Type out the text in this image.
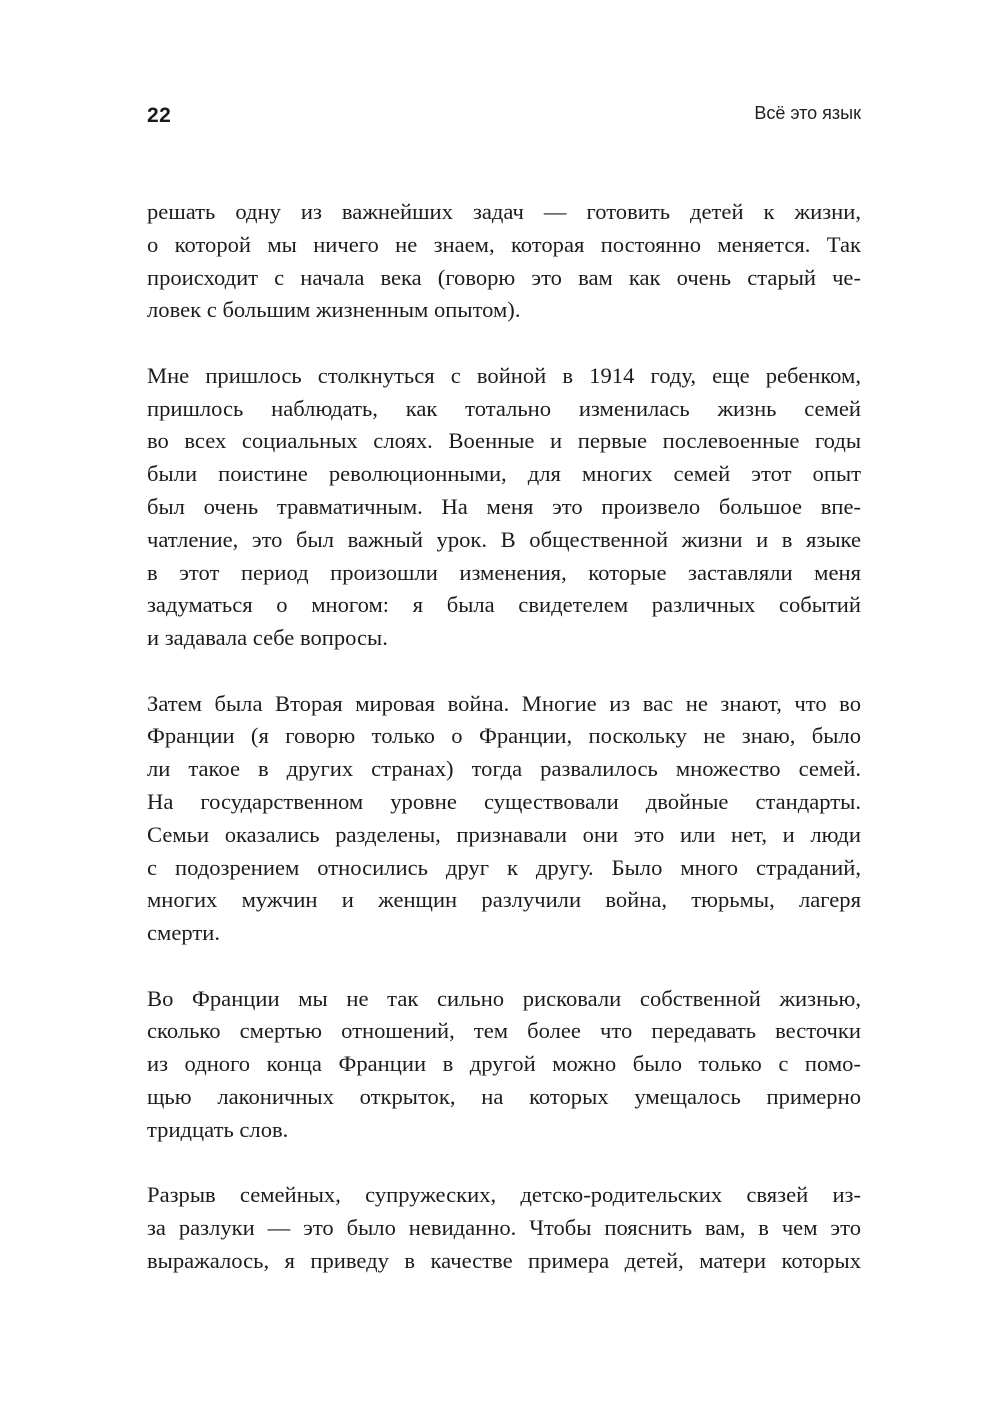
22	Всё это язык

решать одну из важнейших задач — готовить детей к жизни,
о которой мы ничего не знаем, которая постоянно меняется. Так
происходит с начала века (говорю это вам как очень старый че-
ловек с большим жизненным опытом).

Мне пришлось столкнуться с войной в 1914 году, еще ребенком,
пришлось наблюдать, как тотально изменилась жизнь семей
во всех социальных слоях. Военные и первые послевоенные годы
были поистине революционными, для многих семей этот опыт
был очень травматичным. На меня это произвело большое впе-
чатление, это был важный урок. В общественной жизни и в языке
в этот период произошли изменения, которые заставляли меня
задуматься о многом: я была свидетелем различных событий
и задавала себе вопросы.

Затем была Вторая мировая война. Многие из вас не знают, что во
Франции (я говорю только о Франции, поскольку не знаю, было
ли такое в других странах) тогда развалилось множество семей.
На государственном уровне существовали двойные стандарты.
Семьи оказались разделены, признавали они это или нет, и люди
с подозрением относились друг к другу. Было много страданий,
многих мужчин и женщин разлучили война, тюрьмы, лагеря
смерти.

Во Франции мы не так сильно рисковали собственной жизнью,
сколько смертью отношений, тем более что передавать весточки
из одного конца Франции в другой можно было только с помо-
щью лаконичных открыток, на которых умещалось примерно
тридцать слов.

Разрыв семейных, супружеских, детско-родительских связей из-
за разлуки — это было невиданно. Чтобы пояснить вам, в чем это
выражалось, я приведу в качестве примера детей, матери которых
